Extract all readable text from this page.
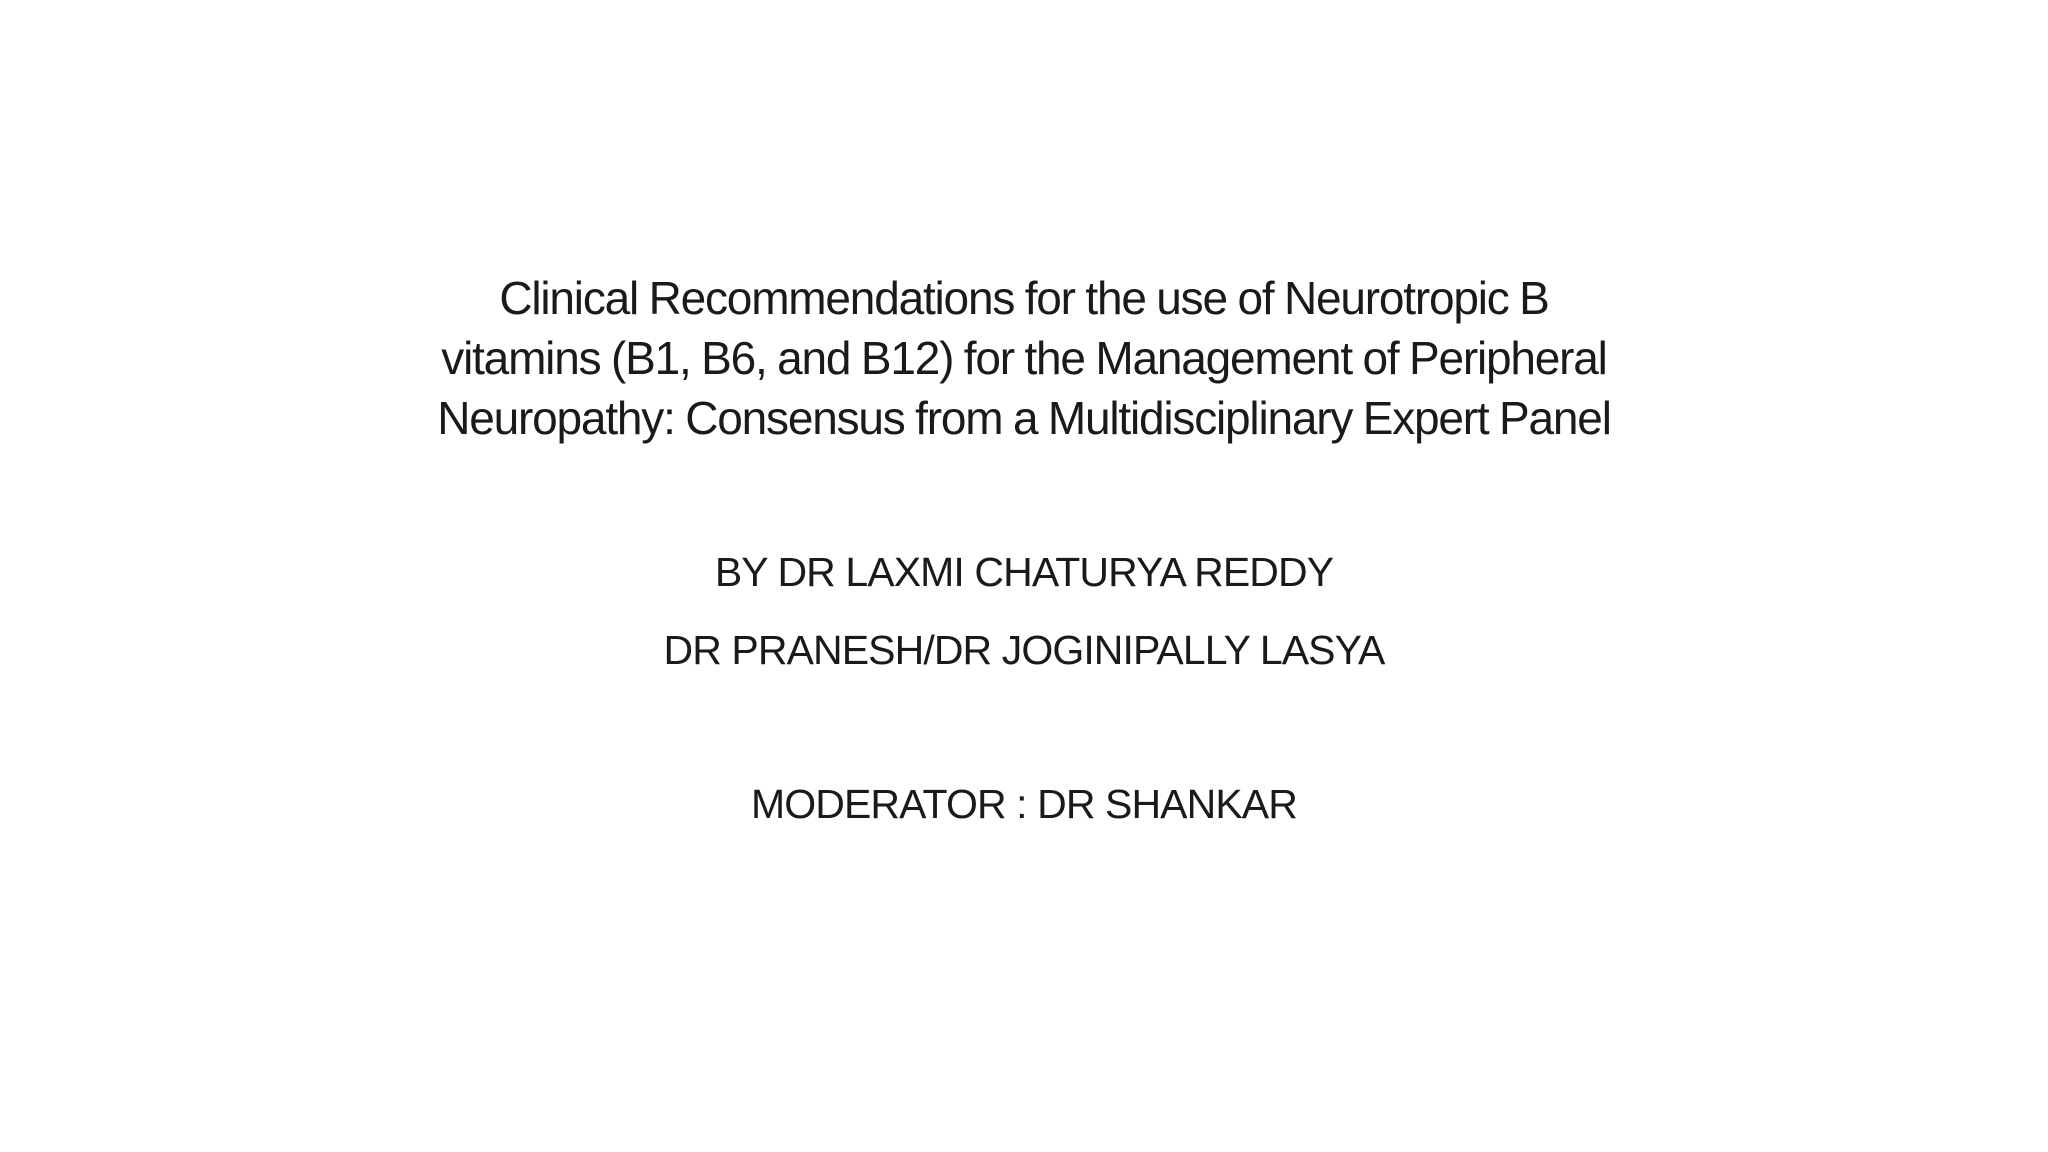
Clinical Recommendations for the use of Neurotropic B
vitamins (B1, B6, and B12) for the Management of Peripheral
Neuropathy: Consensus from a Multidisciplinary Expert Panel

BY DR LAXMI CHATURYA REDDY

DR PRANESH/DR JOGINIPALLY LASYA

MODERATOR : DR SHANKAR
